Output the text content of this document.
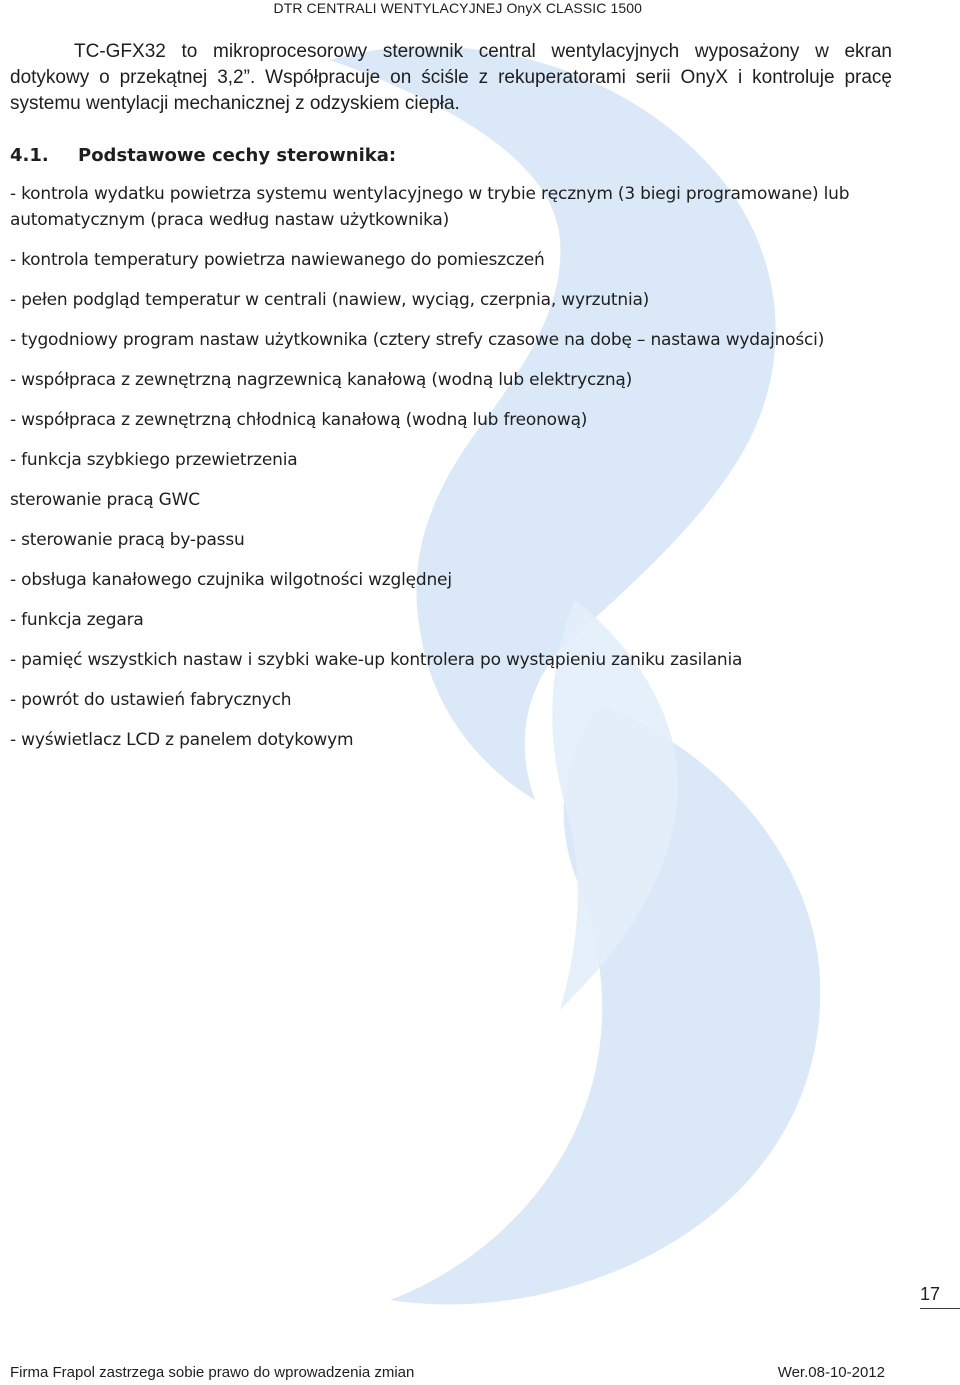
DTR CENTRALI WENTYLACYJNEJ OnyX CLASSIC 1500

TC-GFX32 to mikroprocesorowy sterownik central wentylacyjnych wyposażony w ekran dotykowy o przekątnej 3,2”. Współpracuje on ściśle z rekuperatorami serii OnyX i kontroluje pracę systemu wentylacji mechanicznej z odzyskiem ciepła.

4.1. Podstawowe cechy sterownika:
- kontrola wydatku powietrza systemu wentylacyjnego w trybie ręcznym (3 biegi programowane) lub automatycznym (praca według nastaw użytkownika)
- kontrola temperatury powietrza nawiewanego do pomieszczeń
- pełen podgląd temperatur w centrali (nawiew, wyciąg, czerpnia, wyrzutnia)
- tygodniowy program nastaw użytkownika (cztery strefy czasowe na dobę – nastawa wydajności)
- współpraca z zewnętrzną nagrzewnicą kanałową (wodną lub elektryczną)
- współpraca z zewnętrzną chłodnicą kanałową (wodną lub freonową)
- funkcja szybkiego przewietrzenia
sterowanie pracą GWC
- sterowanie pracą by-passu
- obsługa kanałowego czujnika wilgotności względnej
- funkcja zegara
- pamięć wszystkich nastaw i szybki wake-up kontrolera po wystąpieniu zaniku zasilania
- powrót do ustawień fabrycznych
- wyświetlacz LCD z panelem dotykowym
17
Firma Frapol zastrzega sobie prawo do wprowadzenia zmian	Wer.08-10-2012
